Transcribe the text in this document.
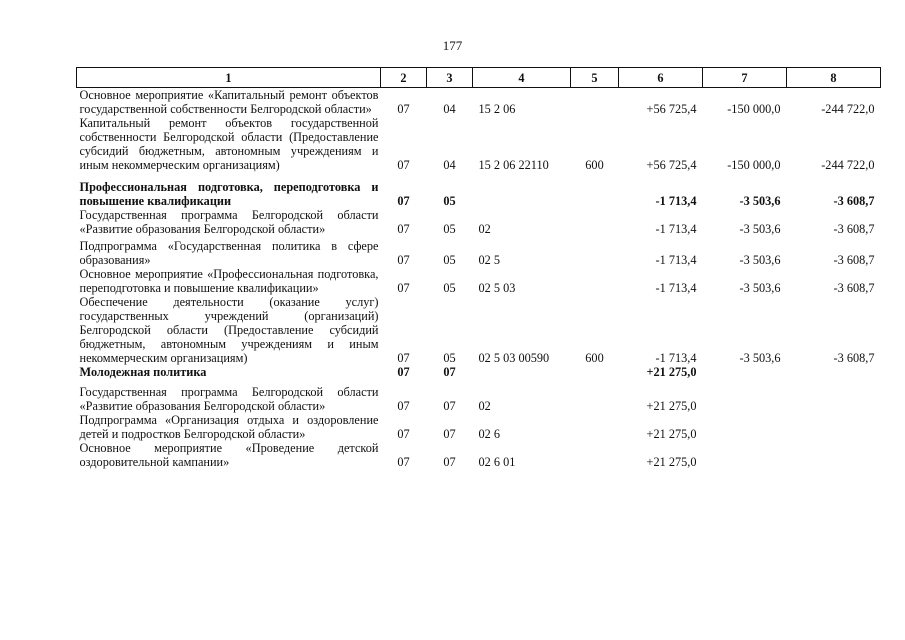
177
1	2	3	4	5	6	7	8
Основное мероприятие «Капитальный ремонт объектов государственной собственности Белгородской области»	07	04	15 2 06		+56 725,4	-150 000,0	-244 722,0
Капитальный ремонт объектов государственной собственности Белгородской области (Предоставление субсидий бюджетным, автономным учреждениям и иным некоммерческим организациям)	07	04	15 2 06 22110	600	+56 725,4	-150 000,0	-244 722,0
Профессиональная подготовка, переподготовка и повышение квалификации	07	05			-1 713,4	-3 503,6	-3 608,7
Государственная программа Белгородской области «Развитие образования Белгородской области»	07	05	02		-1 713,4	-3 503,6	-3 608,7
Подпрограмма «Государственная политика в сфере образования»	07	05	02 5		-1 713,4	-3 503,6	-3 608,7
Основное мероприятие «Профессиональная подготовка, переподготовка и повышение квалификации»	07	05	02 5 03		-1 713,4	-3 503,6	-3 608,7
Обеспечение деятельности (оказание услуг) государственных учреждений (организаций) Белгородской области (Предоставление субсидий бюджетным, автономным учреждениям и иным некоммерческим организациям)	07	05	02 5 03 00590	600	-1 713,4	-3 503,6	-3 608,7
Молодежная политика	07	07			+21 275,0		
Государственная программа Белгородской области «Развитие образования Белгородской области»	07	07	02		+21 275,0		
Подпрограмма «Организация отдыха и оздоровление детей и подростков Белгородской области»	07	07	02 6		+21 275,0		
Основное мероприятие «Проведение детской оздоровительной кампании»	07	07	02 6 01		+21 275,0		
